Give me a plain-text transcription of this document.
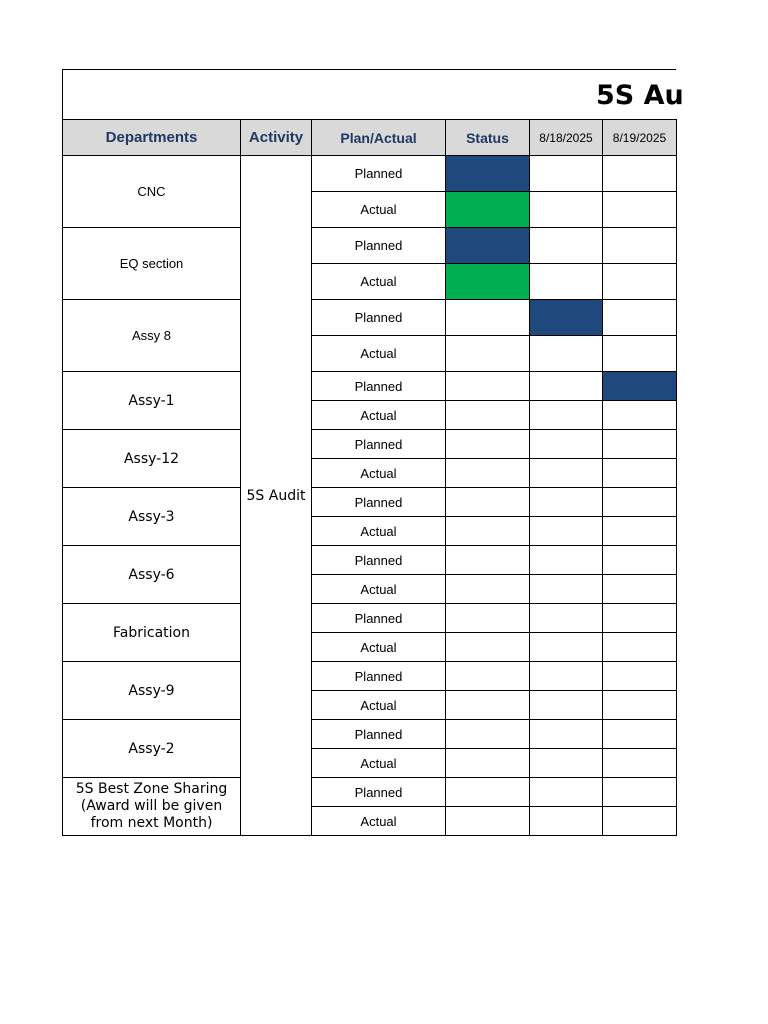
5S Au
Departments	Activity	Plan/Actual	Status	8/18/2025	8/19/2025
CNC	5S Audit	Planned			
		Actual			
EQ section		Planned			
		Actual			
Assy 8		Planned			
		Actual			
Assy-1		Planned			
		Actual			
Assy-12		Planned			
		Actual			
Assy-3		Planned			
		Actual			
Assy-6		Planned			
		Actual			
Fabrication		Planned			
		Actual			
Assy-9		Planned			
		Actual			
Assy-2		Planned			
		Actual			
5S Best Zone Sharing (Award will be given from next Month)		Planned			
		Actual			
